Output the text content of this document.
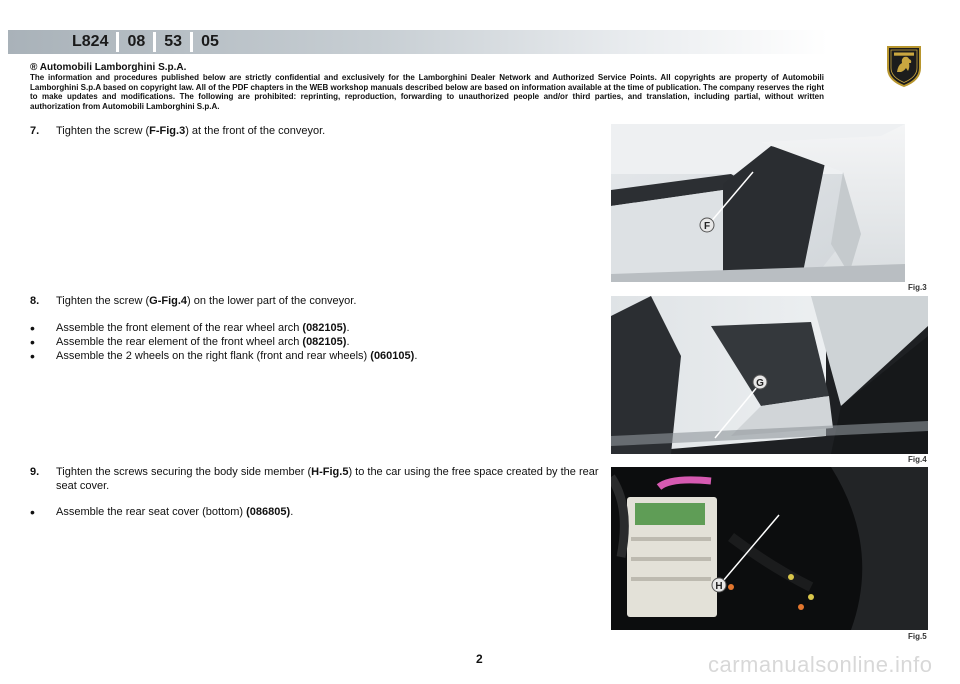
L824	08	53	05
® Automobili Lamborghini S.p.A.
The information and procedures published below are strictly confidential and exclusively for the Lamborghini Dealer Network and Authorized Service Points. All copyrights are property of Automobili Lamborghini S.p.A based on copyright law. All of the PDF chapters in the WEB workshop manuals described below are based on information available at the time of publication. The company reserves the right to make updates and modifications. The following are prohibited: reprinting, reproduction, forwarding to unauthorized people and/or third parties, and translation, including partial, without written authorization from Automobili Lamborghini S.p.A.
7.	Tighten the screw (F-Fig.3) at the front of the conveyor.
8.	Tighten the screw (G-Fig.4) on the lower part of the conveyor.
•	Assemble the front element of the rear wheel arch (082105).
•	Assemble the rear element of the front wheel arch (082105).
•	Assemble the 2 wheels on the right flank (front and rear wheels) (060105).
9.	Tighten the screws securing the body side member (H-Fig.5) to the car using the free space created by the rear seat cover.
•	Assemble the rear seat cover (bottom) (086805).
F
Fig.3
G
Fig.4
H
Fig.5
2	carmanualsonline.info
